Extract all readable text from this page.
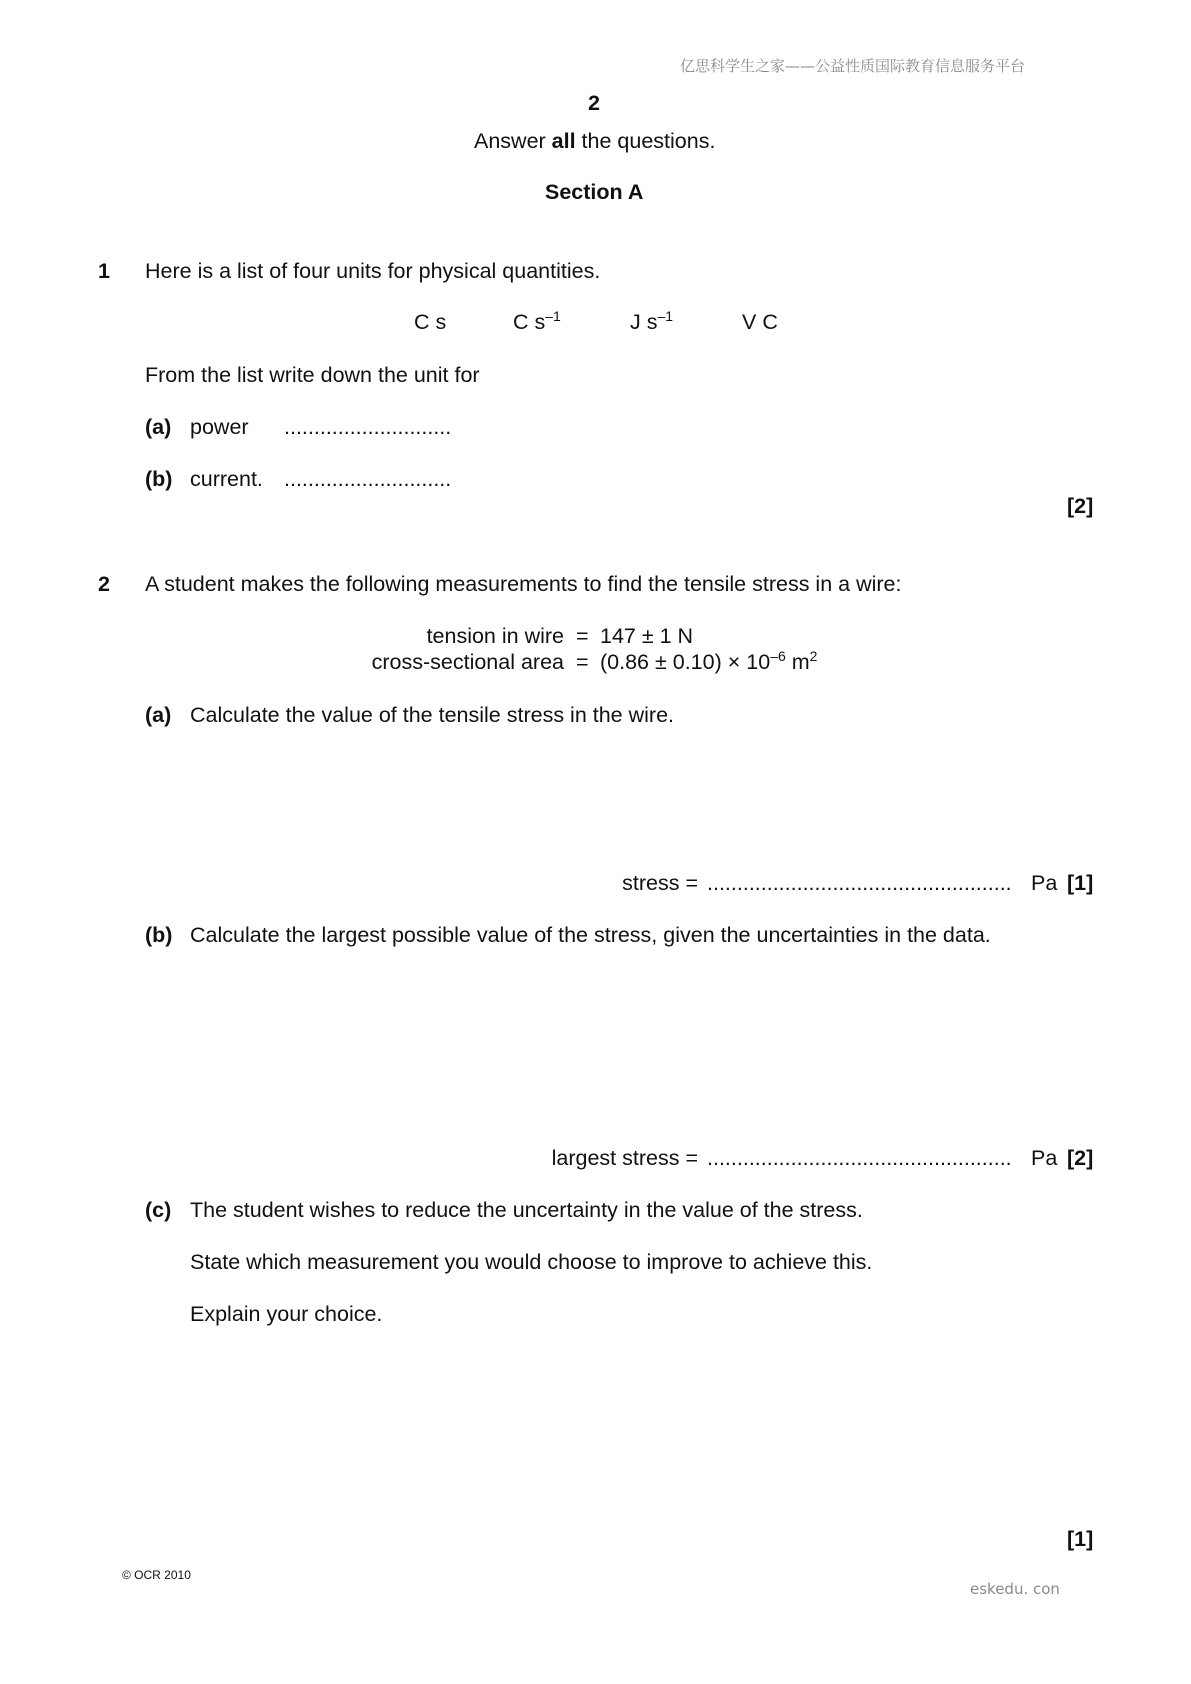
亿思科学生之家——公益性质国际教育信息服务平台
2
Answer all the questions.
Section A
1 Here is a list of four units for physical quantities.
C s	C $s^{-1}$	J $s^{-1}$	V C
From the list write down the unit for
(a) power ............................
(b) current. ............................
[2]
2 A student makes the following measurements to find the tensile stress in a wire:
tension in wire = 147 ± 1 N
cross-sectional area = $(0.86 \pm 0.10) \times 10^{-6}$ $m^2$
(a) Calculate the value of the tensile stress in the wire.
stress = ................................................... Pa [1]
(b) Calculate the largest possible value of the stress, given the uncertainties in the data.
largest stress = ................................................... Pa [2]
(c) The student wishes to reduce the uncertainty in the value of the stress.
State which measurement you would choose to improve to achieve this.
Explain your choice.
[1]
© OCR 2010
eskedu. con
